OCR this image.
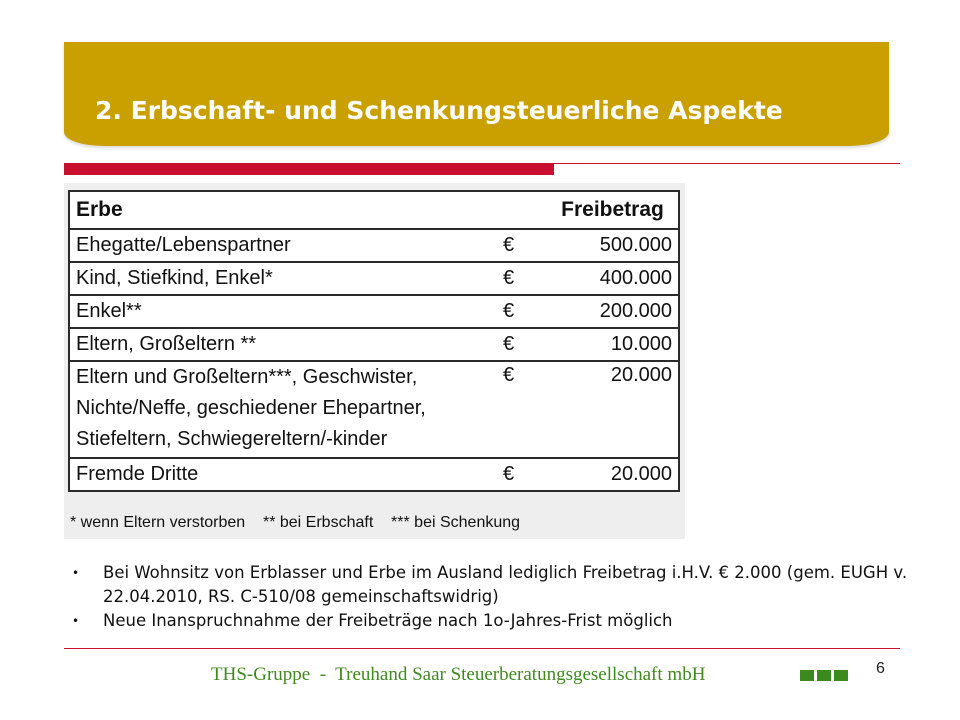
2. Erbschaft- und Schenkungsteuerliche Aspekte
Erbe		Freibetrag
Ehegatte/Lebenspartner	€	500.000
Kind, Stiefkind, Enkel*	€	400.000
Enkel**	€	200.000
Eltern, Großeltern **	€	10.000

Eltern und Großeltern***, Geschwister,
Nichte/Neffe, geschiedener Ehepartner,
Stiefeltern, Schwiegereltern/-kinder	€	20.000
Fremde Dritte	€	20.000
* wenn Eltern verstorben    ** bei Erbschaft    *** bei Schenkung
• Bei Wohnsitz von Erblasser und Erbe im Ausland lediglich Freibetrag i.H.V. € 2.000 (gem. EUGH v. 22.04.2010, RS. C-510/08 gemeinschaftswidrig)
• Neue Inanspruchnahme der Freibeträge nach 1o-Jahres-Frist möglich
THS-Gruppe  -  Treuhand Saar Steuerberatungsgesellschaft mbH	6
